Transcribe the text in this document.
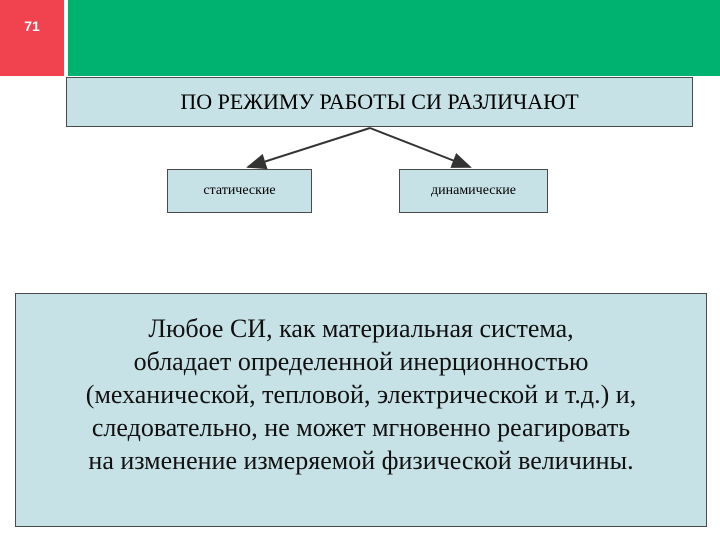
71
ПО РЕЖИМУ РАБОТЫ СИ РАЗЛИЧАЮТ
статические	динамические
Любое СИ, как материальная система,
обладает определенной инерционностью
(механической, тепловой, электрической и т.д.) и,
следовательно, не может мгновенно реагировать
на изменение измеряемой физической величины.
